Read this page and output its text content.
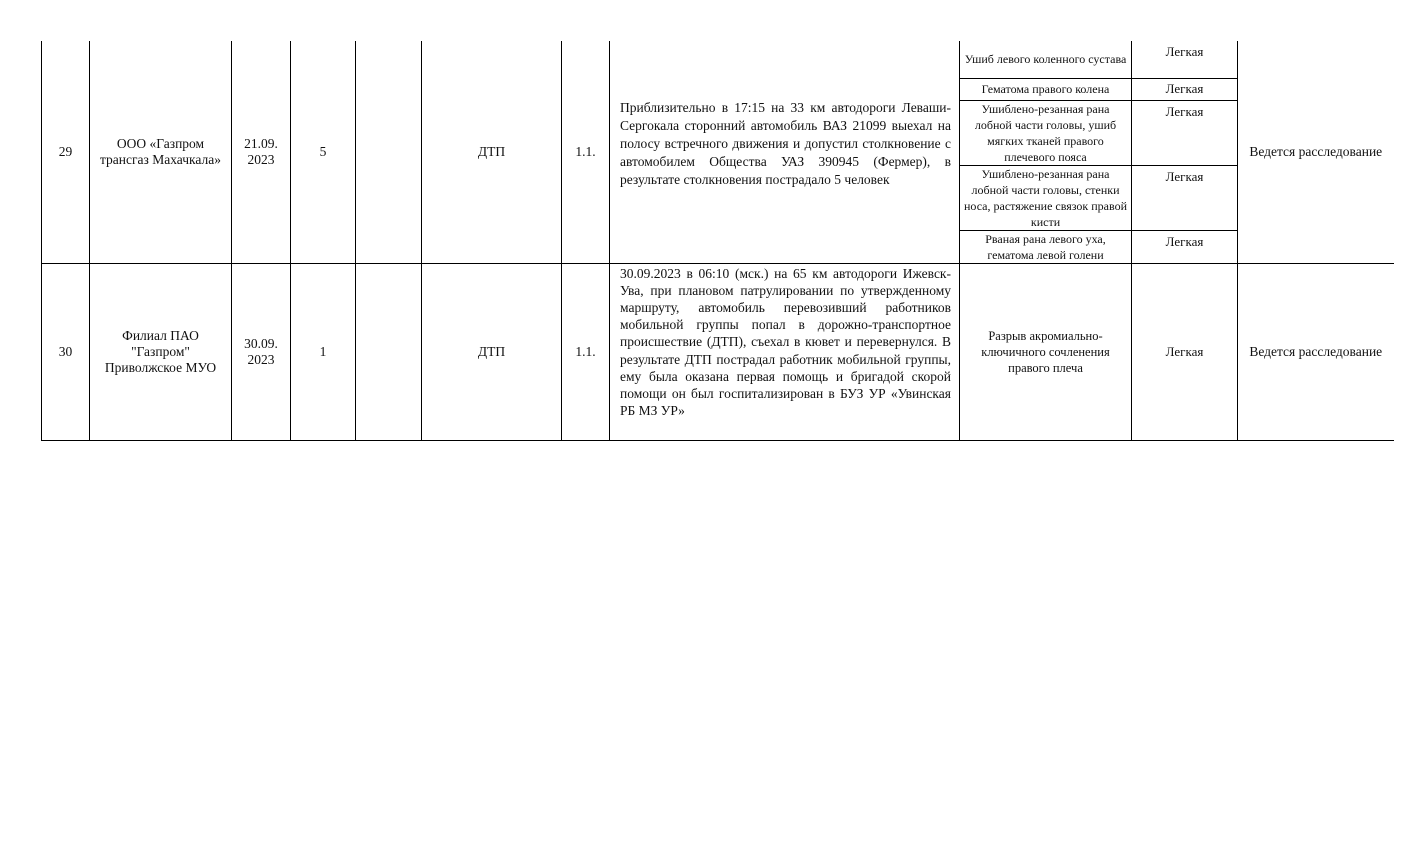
29	ООО «Газпром трансгаз Махачкала»	21.09. 2023	5		ДТП	1.1.	Приблизительно в 17:15 на 33 км автодороги Леваши-Сергокала сторонний автомобиль ВАЗ 21099 выехал на полосу встречного движения и допустил столкновение с автомобилем Общества УАЗ 390945 (Фермер), в результате столкновения пострадало 5 человек	Ушиб левого коленного сустава	Легкая	Ведется расследование
								Гематома правого колена	Легкая	
								Ушиблено-резанная рана лобной части головы, ушиб мягких тканей правого плечевого пояса	Легкая	
								Ушиблено-резанная рана лобной части головы, стенки носа, растяжение связок правой кисти	Легкая	
								Рваная рана левого уха, гематома левой голени	Легкая	
30	Филиал ПАО "Газпром" Приволжское МУО	30.09. 2023	1		ДТП	1.1.	30.09.2023 в 06:10 (мск.) на 65 км автодороги Ижевск-Ува, при плановом патрулировании по утвержденному маршруту, автомобиль перевозивший работников мобильной группы попал в дорожно-транспортное происшествие (ДТП), съехал в кювет и перевернулся. В результате ДТП пострадал работник мобильной группы, ему была оказана первая помощь и бригадой скорой помощи он был госпитализирован в БУЗ УР «Увинская РБ МЗ УР»	Разрыв акромиально-ключичного сочленения правого плеча	Легкая	Ведется расследование
